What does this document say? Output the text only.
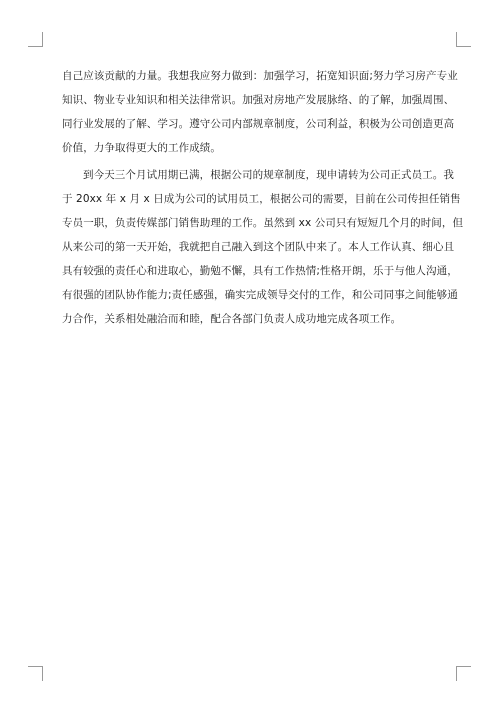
自己应该贡献的力量。我想我应努力做到：加强学习，拓宽知识面;努力学习房产专业
知识、物业专业知识和相关法律常识。加强对房地产发展脉络、的了解，加强周围、
同行业发展的了解、学习。遵守公司内部规章制度，公司利益，积极为公司创造更高
价值，力争取得更大的工作成绩。
到今天三个月试用期已满，根据公司的规章制度，现申请转为公司正式员工。我
于 20xx 年 x 月 x 日成为公司的试用员工，根据公司的需要，目前在公司传担任销售
专员一职，负责传媒部门销售助理的工作。虽然到 xx 公司只有短短几个月的时间，但
从来公司的第一天开始，我就把自己融入到这个团队中来了。本人工作认真、细心且
具有较强的责任心和进取心，勤勉不懈，具有工作热情;性格开朗，乐于与他人沟通，
有很强的团队协作能力;责任感强，确实完成领导交付的工作，和公司同事之间能够通
力合作，关系相处融洽而和睦，配合各部门负责人成功地完成各项工作。
